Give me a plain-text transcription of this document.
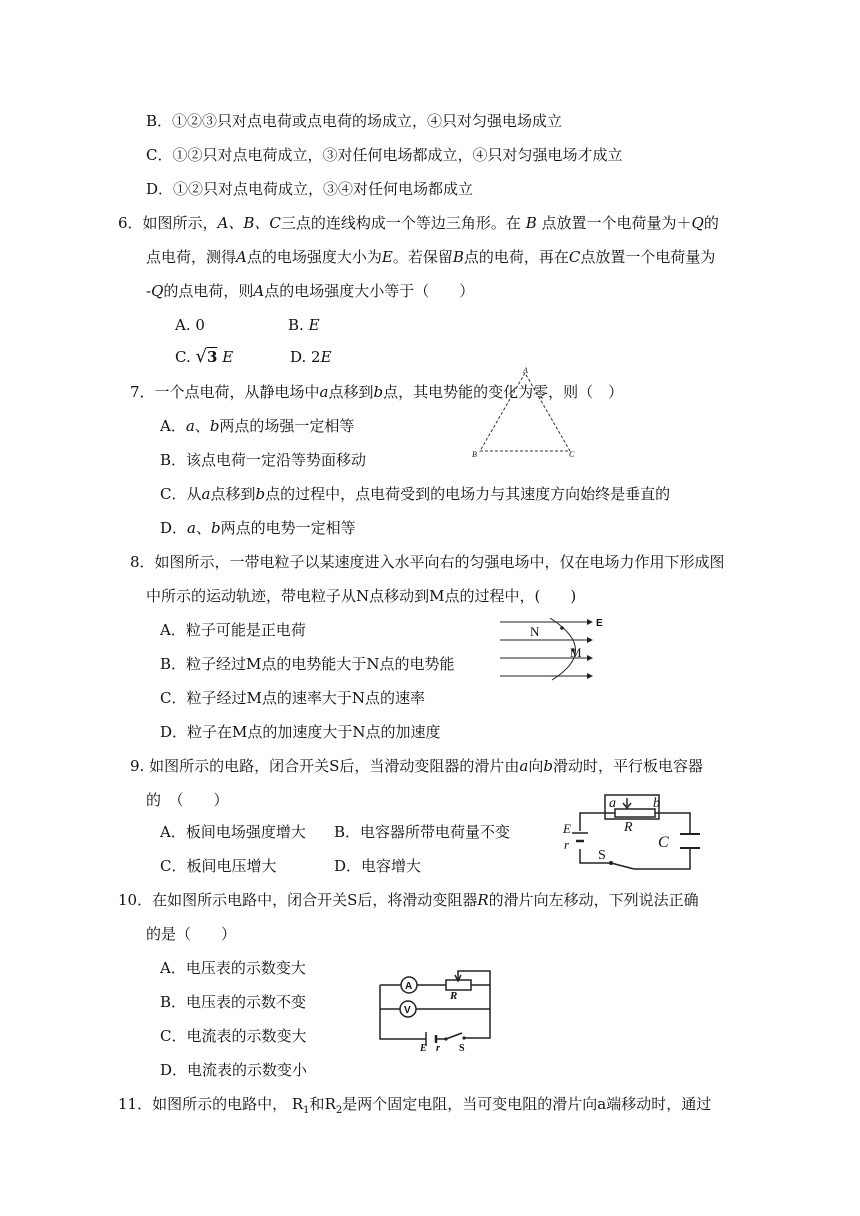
B．①②③只对点电荷或点电荷的场成立，④只对匀强电场成立
C．①②只对点电荷成立，③对任何电场都成立，④只对匀强电场才成立
D．①②只对点电荷成立，③④对任何电场都成立
6．如图所示，A、B、C三点的连线构成一个等边三角形。在 B 点放置一个电荷量为＋Q的
点电荷，测得A点的电场强度大小为E。若保留B点的电荷，再在C点放置一个电荷量为
-Q的点电荷，则A点的电场强度大小等于（　　）
A. 0	B. E
C. √3 E	D. 2E
A
B	C
7．一个点电荷，从静电场中a点移到b点，其电势能的变化为零，则（　）
A．a、b两点的场强一定相等
B．该点电荷一定沿等势面移动
C．从a点移到b点的过程中，点电荷受到的电场力与其速度方向始终是垂直的
D．a、b两点的电势一定相等
8．如图所示，一带电粒子以某速度进入水平向右的匀强电场中，仅在电场力作用下形成图
中所示的运动轨迹，带电粒子从N点移动到M点的过程中，(　　)
A．粒子可能是正电荷
B．粒子经过M点的电势能大于N点的电势能
C．粒子经过M点的速率大于N点的速率
D．粒子在M点的加速度大于N点的加速度
N
M
E
9. 如图所示的电路，闭合开关S后，当滑动变阻器的滑片由a向b滑动时，平行板电容器
的　（　　）
A．板间电场强度增大 B．电容器所带电荷量不变
C．板间电压增大	D．电容增大
a	b
R
E
r	C
S
10．在如图所示电路中，闭合开关S后，将滑动变阻器R的滑片向左移动，下列说法正确
的是（　　）
A．电压表的示数变大
B．电压表的示数不变
C．电流表的示数变大
D．电流表的示数变小
A
V
R
E r S
11．如图所示的电路中， $R_1$和$R_2$是两个固定电阻，当可变电阻的滑片向a端移动时，通过
